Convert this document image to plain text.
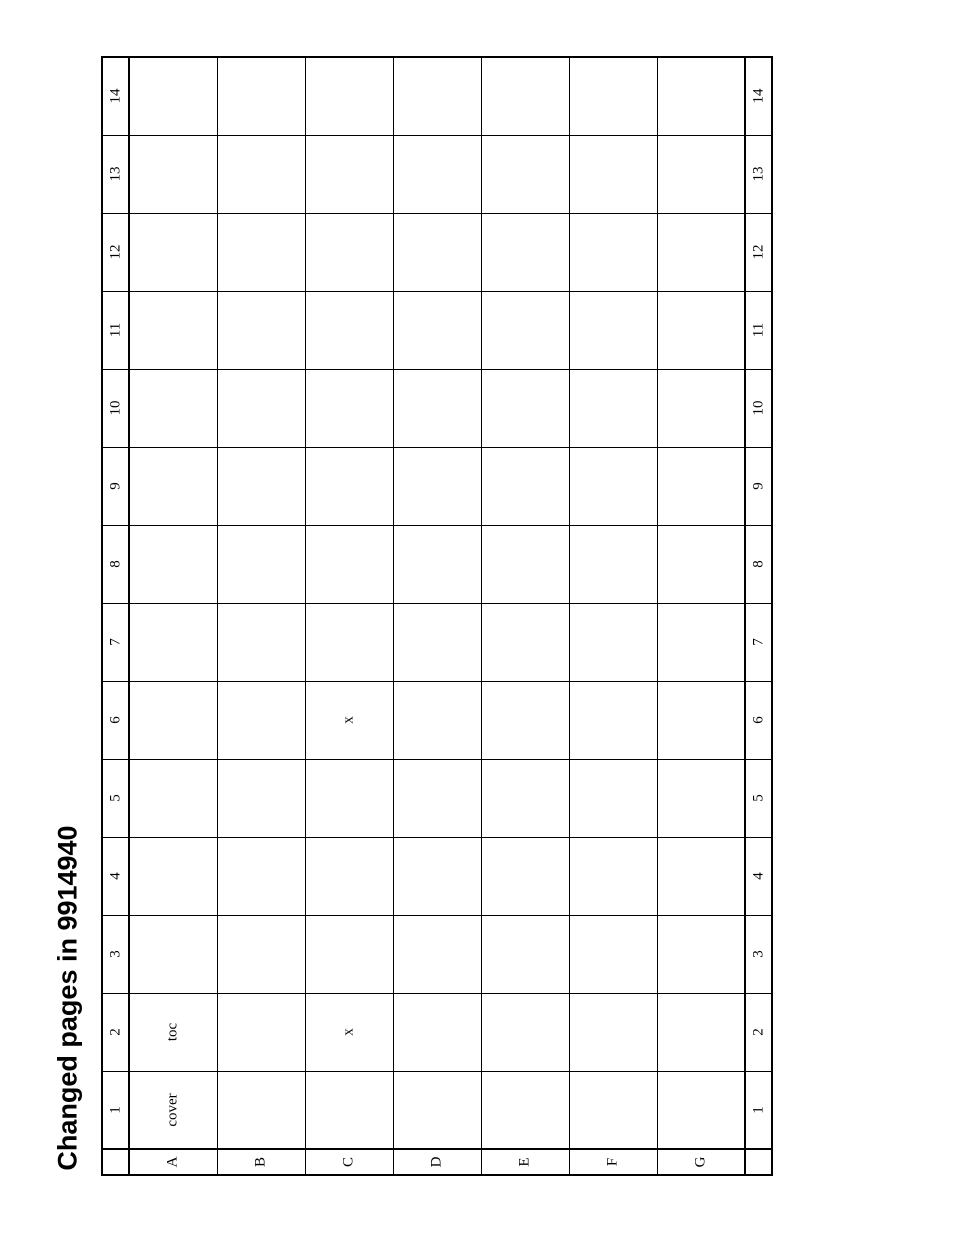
Changed pages in 9914940
14								14

13								13

12								12

11								11

10								10

9								9

8								8

7								7

6			x					6

5								5

4								4

3								3

2	toc		x					2

1	cover							1

	A	B	C	D	E	F	G	
